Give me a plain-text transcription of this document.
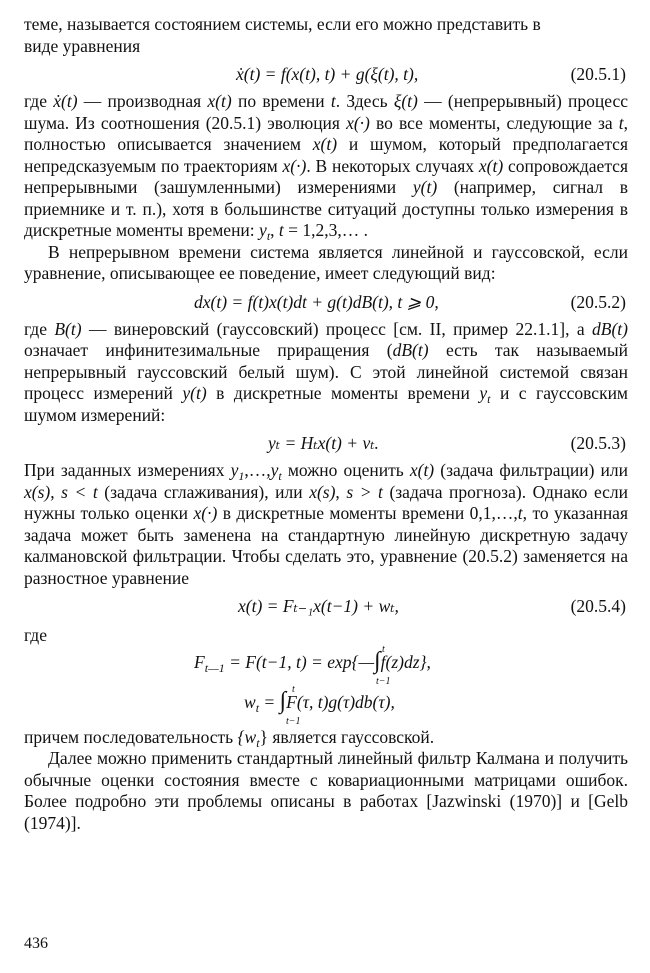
теме, называется состоянием системы, если его можно представить в
виде уравнения

ẋ(t) = f(x(t), t) + g(ξ(t), t),	(20.5.1)

где ẋ(t) — производная x(t) по времени t. Здесь ξ(t) — (непрерывный) процесс шума. Из соотношения (20.5.1) эволюция x(·) во все моменты, следующие за t, полностью описывается значением x(t) и шумом, который предполагается непредсказуемым по траекториям x(·). В некоторых случаях x(t) сопровождается непрерывными (зашумленными) измерениями y(t) (например, сигнал в приемнике и т. п.), хотя в большинстве ситуаций доступны только измерения в дискретные моменты времени: $y_t$, t = 1,2,3,… .

В непрерывном времени система является линейной и гауссовской, если уравнение, описывающее ее поведение, имеет следующий вид:

dx(t) = f(t)x(t)dt + g(t)dB(t), t ⩾ 0,	(20.5.2)

где B(t) — винеровский (гауссовский) процесс [см. II, пример 22.1.1], а dB(t) означает инфинитезимальные приращения (dB(t) есть так называемый непрерывный гауссовский белый шум). С этой линейной системой связан процесс измерений y(t) в дискретные моменты времени $y_t$ и с гауссовским шумом измерений:

yₜ = Hₜx(t) + vₜ.	(20.5.3)

При заданных измерениях $y_1,\dots,y_t$ можно оценить x(t) (задача фильтрации) или x(s), s < t (задача сглаживания), или x(s), s > t (задача прогноза). Однако если нужны только оценки x(·) в дискретные моменты времени 0,1,…,t, то указанная задача может быть заменена на стандартную линейную дискретную задачу калмановской фильтрации. Чтобы сделать это, уравнение (20.5.2) заменяется на разностное уравнение

x(t) = Fₜ₋₁x(t−1) + wₜ,	(20.5.4)

где

$F_{t—1} = F(t-1$, t) = exp{—∫f(z)dz},
t
t−1
$w_t = \int F(\tau$, t)g(τ)db(τ),
t
t−1

причем последовательность $\{w_t\}$ является гауссовской.

Далее можно применить стандартный линейный фильтр Калмана и получить обычные оценки состояния вместе с ковариационными матрицами ошибок. Более подробно эти проблемы описаны в работах [Jazwinski (1970)] и [Gelb (1974)].

436
